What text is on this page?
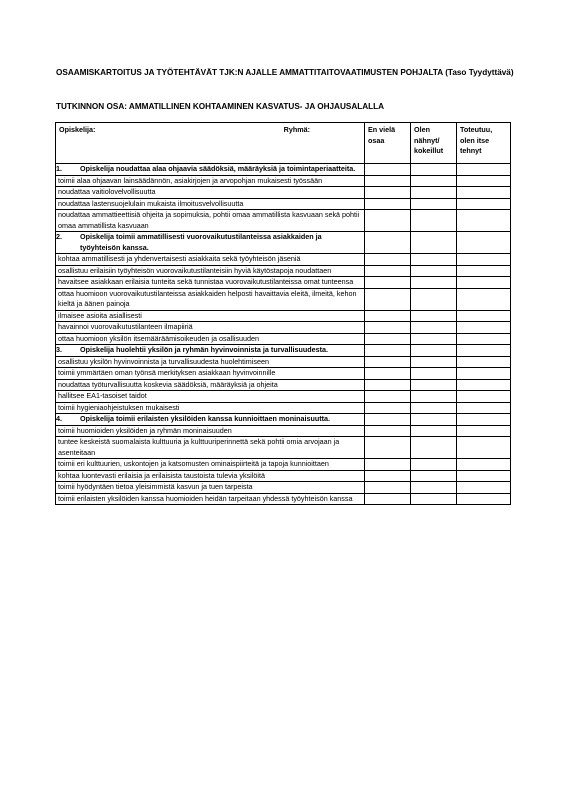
OSAAMISKARTOITUS JA TYÖTEHTÄVÄT TJK:N AJALLE AMMATTITAITOVAATIMUSTEN POHJALTA (Taso Tyydyttävä)
TUTKINNON OSA: AMMATILLINEN KOHTAAMINEN KASVATUS- JA OHJAUSALALLA
Opiskelija: Ryhmä:	En vielä osaa	Olen nähnyt/ kokeillut	Toteutuu, olen itse tehnyt
1. Opiskelija noudattaa alaa ohjaavia säädöksiä, määräyksiä ja toimintaperiaatteita.			
toimii alaa ohjaavan lainsäädännön, asiakirjojen ja arvopohjan mukaisesti työssään			
noudattaa vaitiolovelvollisuutta			
noudattaa lastensuojelulain mukaista ilmoitusvelvollisuutta			
noudattaa ammattieettisiä ohjeita ja sopimuksia, pohtii omaa ammatillista kasvuaan sekä pohtii omaa ammatillista kasvuaan			
2. Opiskelija toimii ammatillisesti vuorovaikutustilanteissa asiakkaiden ja työyhteisön kanssa.			
kohtaa ammatillisesti ja yhdenvertaisesti asiakkaita sekä työyhteisön jäseniä			
osallistuu erilaisiin työyhteisön vuorovaikutustilanteisiin hyviä käytöstapoja noudattaen			
havaitsee asiakkaan erilaisia tunteita sekä tunnistaa vuorovaikutustilanteissa omat tunteensa			
ottaa huomioon vuorovaikutustilanteissa asiakkaiden helposti havaittavia eleitä, ilmeitä, kehon kieltä ja äänen painoja			
ilmaisee asioita asiallisesti			
havainnoi vuorovaikutustilanteen ilmapiiriä			
ottaa huomioon yksilön itsemääräämisoikeuden ja osallisuuden			
3. Opiskelija huolehtii yksilön ja ryhmän hyvinvoinnista ja turvallisuudesta.			
osallistuu yksilön hyvinvoinnista ja turvallisuudesta huolehtimiseen			
toimii ymmärtäen oman työnsä merkityksen asiakkaan hyvinvoinnille			
noudattaa työturvallisuutta koskevia säädöksiä, määräyksiä ja ohjeita			
hallitsee EA1-tasoiset taidot			
toimii hygieniaohjeistuksen mukaisesti			
4. Opiskelija toimii erilaisten yksilöiden kanssa kunnioittaen moninaisuutta.			
toimii huomioiden yksilöiden ja ryhmän moninaisuuden			
tuntee keskeistä suomalaista kulttuuria ja kulttuuriperinnettä sekä pohtii omia arvojaan ja asenteitaan			
toimii eri kulttuurien, uskontojen ja katsomusten ominaispiirteitä ja tapoja kunnioittaen			
kohtaa luontevasti erilaisia ja erilaisista taustoista tulevia yksilöitä			
toimii hyödyntäen tietoa yleisimmistä kasvun ja tuen tarpeista			
toimii erilaisten yksilöiden kanssa huomioiden heidän tarpeitaan yhdessä työyhteisön kanssa			
